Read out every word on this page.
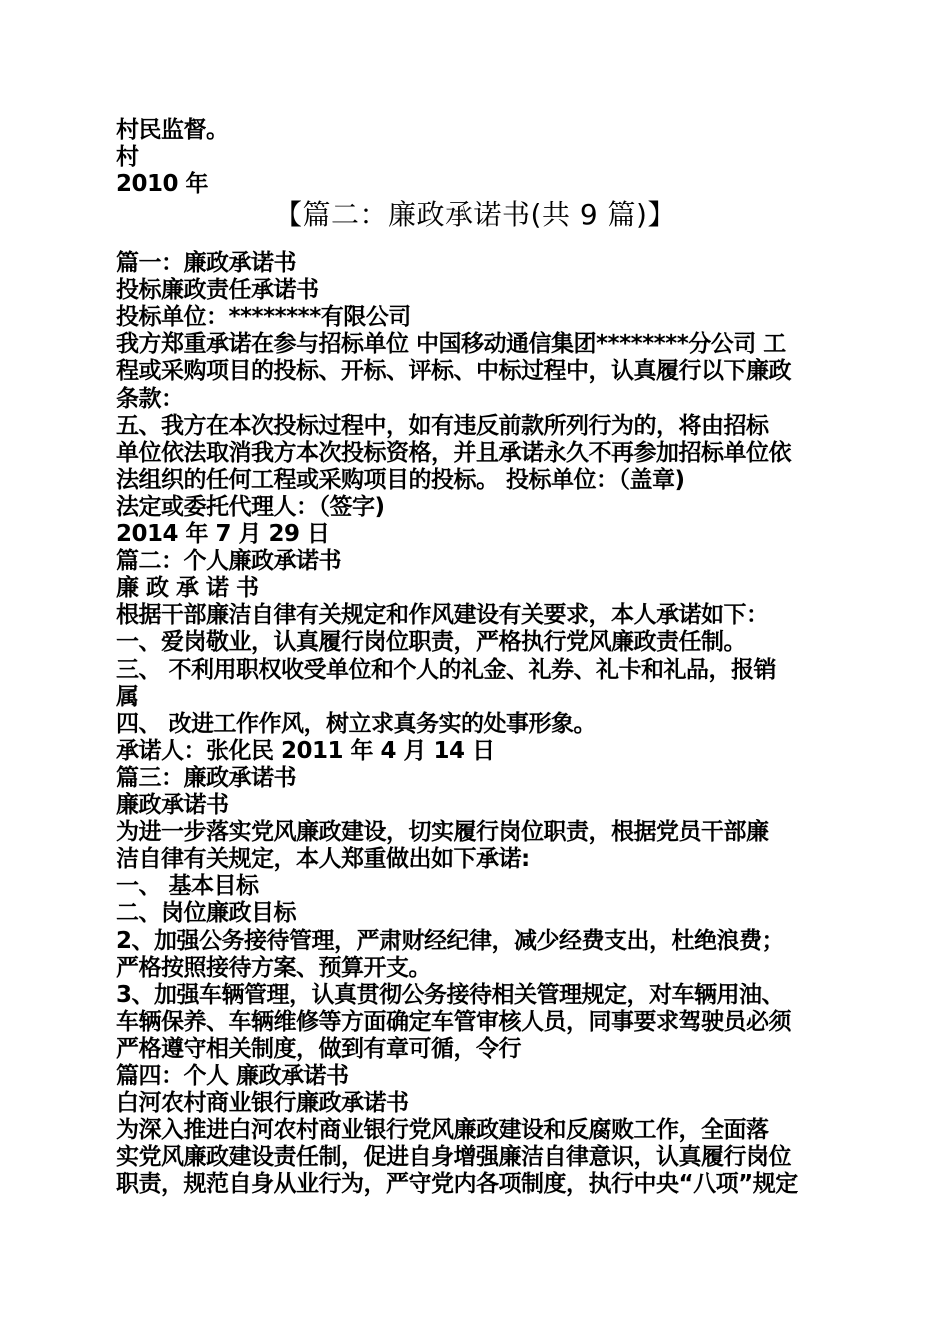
村民监督。
村
2010 年
【篇二：廉政承诺书(共 9 篇)】
篇一：廉政承诺书
投标廉政责任承诺书
投标单位：********有限公司
我方郑重承诺在参与招标单位 中国移动通信集团********分公司 工
程或采购项目的投标、开标、评标、中标过程中，认真履行以下廉政
条款：
五、我方在本次投标过程中，如有违反前款所列行为的，将由招标
单位依法取消我方本次投标资格，并且承诺永久不再参加招标单位依
法组织的任何工程或采购项目的投标。 投标单位：（盖章)
法定或委托代理人：（签字)
2014 年 7 月 29 日
篇二：个人廉政承诺书
廉 政 承 诺 书
根据干部廉洁自律有关规定和作风建设有关要求，本人承诺如下：
一、爱岗敬业，认真履行岗位职责，严格执行党风廉政责任制。
三、 不利用职权收受单位和个人的礼金、礼券、礼卡和礼品，报销
属
四、 改进工作作风，树立求真务实的处事形象。
承诺人：张化民 2011 年 4 月 14 日
篇三：廉政承诺书
廉政承诺书
为进一步落实党风廉政建设，切实履行岗位职责，根据党员干部廉
洁自律有关规定，本人郑重做出如下承诺:
一、 基本目标
二、岗位廉政目标
2、加强公务接待管理，严肃财经纪律，减少经费支出，杜绝浪费；
严格按照接待方案、预算开支。
3、加强车辆管理，认真贯彻公务接待相关管理规定，对车辆用油、
车辆保养、车辆维修等方面确定车管审核人员，同事要求驾驶员必须
严格遵守相关制度，做到有章可循，令行
篇四：个人 廉政承诺书
白河农村商业银行廉政承诺书
为深入推进白河农村商业银行党风廉政建设和反腐败工作，全面落
实党风廉政建设责任制，促进自身增强廉洁自律意识，认真履行岗位
职责，规范自身从业行为，严守党内各项制度，执行中央“八项”规定
